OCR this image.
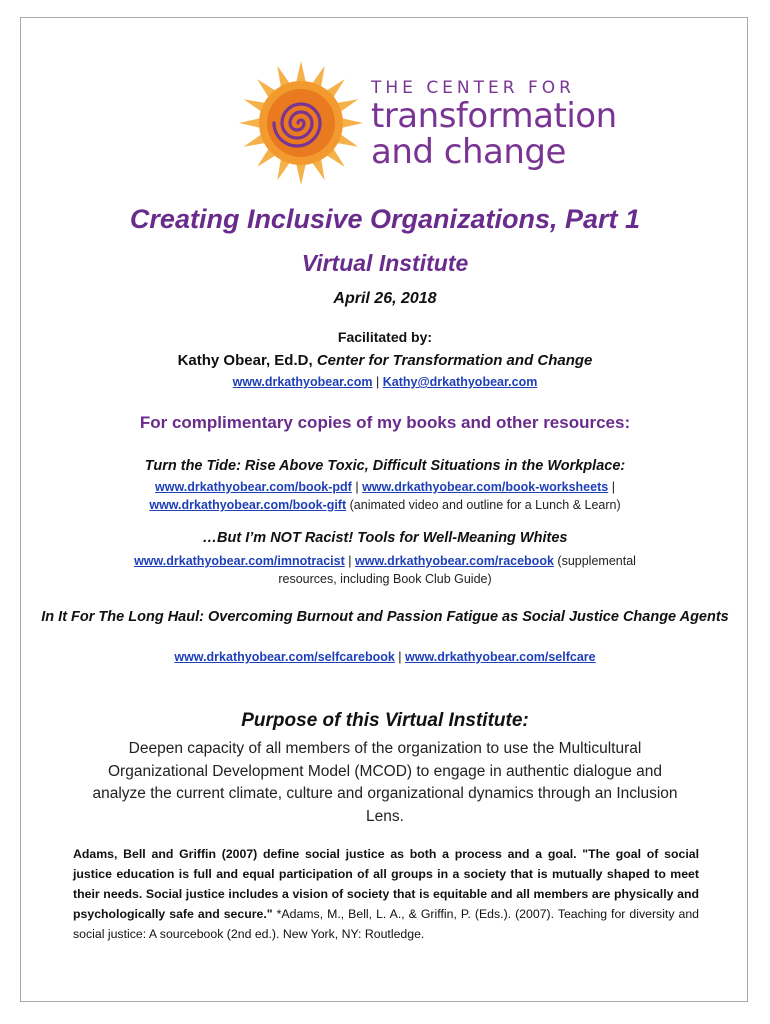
THE CENTER FOR
transformation
and change
Creating Inclusive Organizations, Part 1
Virtual Institute
April 26, 2018
Facilitated by:
Kathy Obear, Ed.D, Center for Transformation and Change
www.drkathyobear.com | Kathy@drkathyobear.com
For complimentary copies of my books and other resources:
Turn the Tide: Rise Above Toxic, Difficult Situations in the Workplace:
www.drkathyobear.com/book-pdf | www.drkathyobear.com/book-worksheets |
www.drkathyobear.com/book-gift (animated video and outline for a Lunch & Learn)
…But I’m NOT Racist! Tools for Well-Meaning Whites
www.drkathyobear.com/imnotracist | www.drkathyobear.com/racebook (supplemental
resources, including Book Club Guide)
In It For The Long Haul: Overcoming Burnout and Passion Fatigue as Social Justice Change Agents
www.drkathyobear.com/selfcarebook | www.drkathyobear.com/selfcare
Purpose of this Virtual Institute:
Deepen capacity of all members of the organization to use the Multicultural Organizational Development Model (MCOD) to engage in authentic dialogue and analyze the current climate, culture and organizational dynamics through an Inclusion Lens.
Adams, Bell and Griffin (2007) define social justice as both a process and a goal. "The goal of social justice education is full and equal participation of all groups in a society that is mutually shaped to meet their needs. Social justice includes a vision of society that is equitable and all members are physically and psychologically safe and secure." *Adams, M., Bell, L. A., & Griffin, P. (Eds.). (2007). Teaching for diversity and social justice: A sourcebook (2nd ed.). New York, NY: Routledge.
